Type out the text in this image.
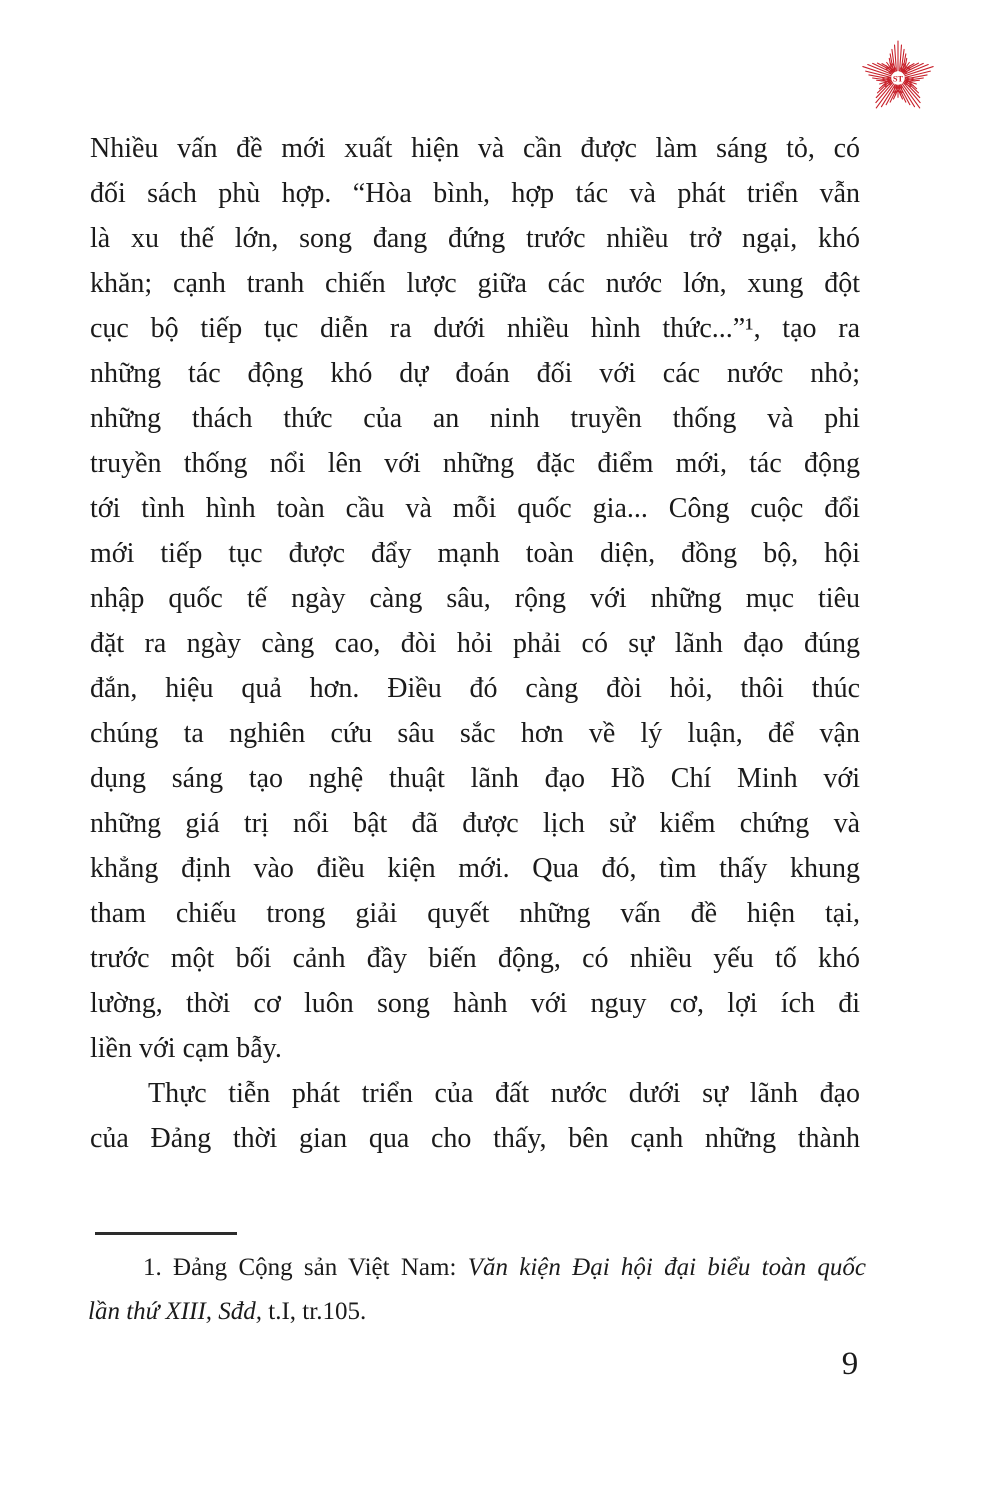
ST
Nhiều vấn đề mới xuất hiện và cần được làm sáng tỏ, có
đối sách phù hợp. “Hòa bình, hợp tác và phát triển vẫn
là xu thế lớn, song đang đứng trước nhiều trở ngại, khó
khăn; cạnh tranh chiến lược giữa các nước lớn, xung đột
cục bộ tiếp tục diễn ra dưới nhiều hình thức...”¹, tạo ra
những tác động khó dự đoán đối với các nước nhỏ;
những thách thức của an ninh truyền thống và phi
truyền thống nổi lên với những đặc điểm mới, tác động
tới tình hình toàn cầu và mỗi quốc gia... Công cuộc đổi
mới tiếp tục được đẩy mạnh toàn diện, đồng bộ, hội
nhập quốc tế ngày càng sâu, rộng với những mục tiêu
đặt ra ngày càng cao, đòi hỏi phải có sự lãnh đạo đúng
đắn, hiệu quả hơn. Điều đó càng đòi hỏi, thôi thúc
chúng ta nghiên cứu sâu sắc hơn về lý luận, để vận
dụng sáng tạo nghệ thuật lãnh đạo Hồ Chí Minh với
những giá trị nổi bật đã được lịch sử kiểm chứng và
khẳng định vào điều kiện mới. Qua đó, tìm thấy khung
tham chiếu trong giải quyết những vấn đề hiện tại,
trước một bối cảnh đầy biến động, có nhiều yếu tố khó
lường, thời cơ luôn song hành với nguy cơ, lợi ích đi
liền với cạm bẫy.
Thực tiễn phát triển của đất nước dưới sự lãnh đạo
của Đảng thời gian qua cho thấy, bên cạnh những thành
1. Đảng Cộng sản Việt Nam: Văn kiện Đại hội đại biểu toàn quốc
lần thứ XIII, Sđd, t.I, tr.105.
9
